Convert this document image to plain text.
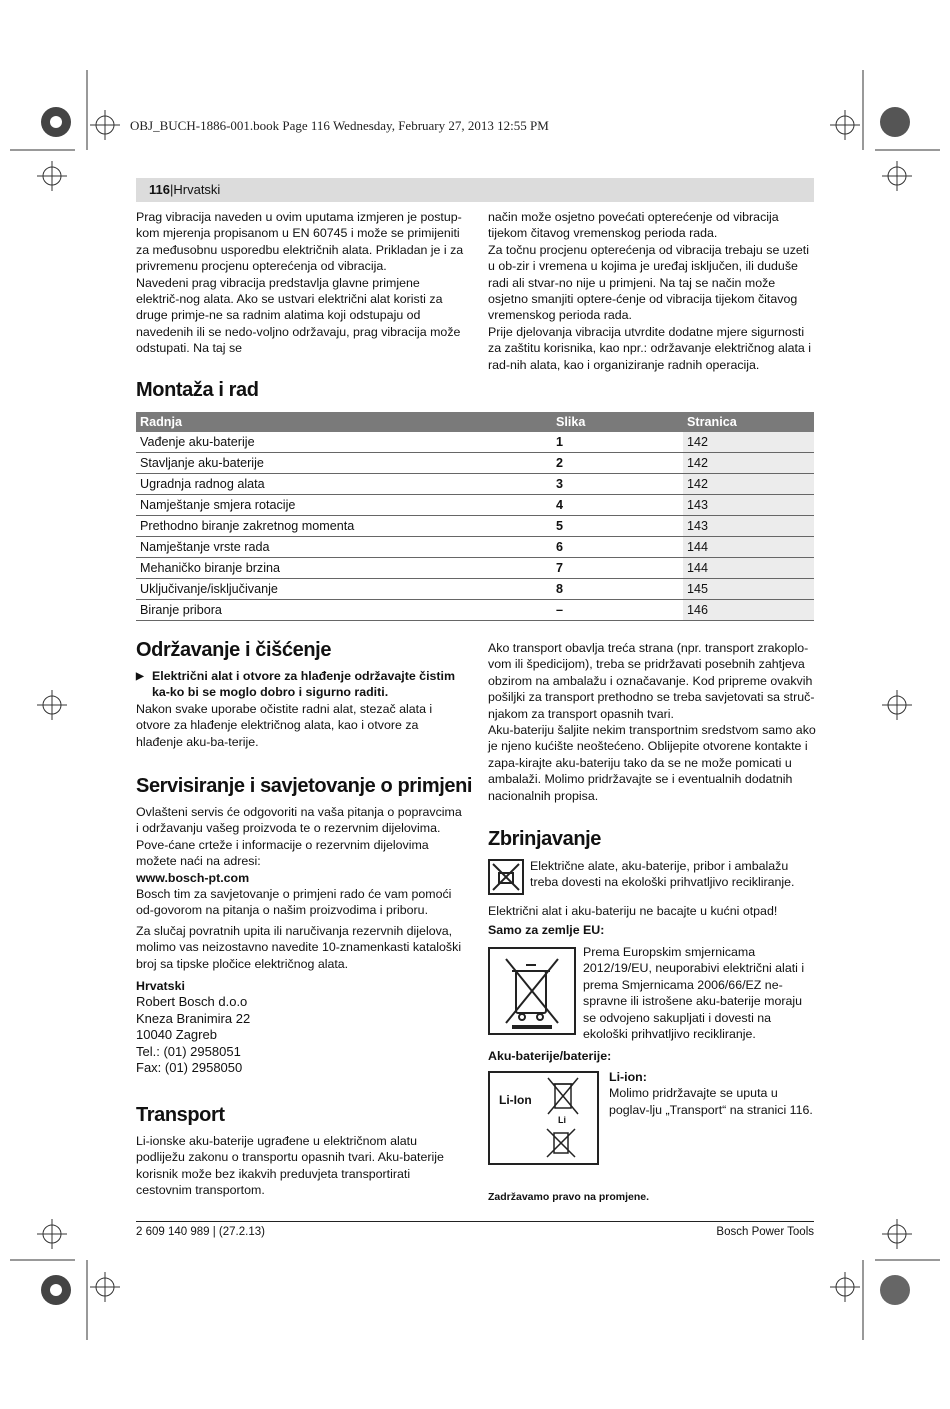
OBJ_BUCH-1886-001.book Page 116 Wednesday, February 27, 2013 12:55 PM
116|Hrvatski

Prag vibracija naveden u ovim uputama izmjeren je postup-kom mjerenja propisanom u EN 60745 i može se primijeniti za međusobnu usporedbu električnih alata. Prikladan je i za privremenu procjenu opterećenja od vibracija.

Navedeni prag vibracija predstavlja glavne primjene električ-nog alata. Ako se ustvari električni alat koristi za druge primje-ne sa radnim alatima koji odstupaju od navedenih ili se nedo-voljno održavaju, prag vibracija može odstupati. Na taj se

način može osjetno povećati opterećenje od vibracija tijekom čitavog vremenskog perioda rada.

Za točnu procjenu opterećenja od vibracija trebaju se uzeti u ob-zir i vremena u kojima je uređaj isključen, ili duduše radi ali stvar-no nije u primjeni. Na taj se način može osjetno smanjiti optere-ćenje od vibracija tijekom čitavog vremenskog perioda rada.

Prije djelovanja vibracija utvrdite dodatne mjere sigurnosti za zaštitu korisnika, kao npr.: održavanje električnog alata i rad-nih alata, kao i organiziranje radnih operacija.

Montaža i rad
Radnja	Slika	Stranica
Vađenje aku-baterije	1	142
Stavljanje aku-baterije	2	142
Ugradnja radnog alata	3	142
Namještanje smjera rotacije	4	143
Prethodno biranje zakretnog momenta	5	143
Namještanje vrste rada	6	144
Mehaničko biranje brzina	7	144
Uključivanje/isključivanje	8	145
Biranje pribora	–	146
Održavanje i čišćenje
▶ Električni alat i otvore za hlađenje održavajte čistim ka-ko bi se moglo dobro i sigurno raditi.

Nakon svake uporabe očistite radni alat, stezač alata i otvore za hlađenje električnog alata, kao i otvore za hlađenje aku-ba-terije.

Servisiranje i savjetovanje o primjeni

Ovlašteni servis će odgovoriti na vaša pitanja o popravcima i održavanju vašeg proizvoda te o rezervnim dijelovima. Pove-ćane crteže i informacije o rezervnim dijelovima možete naći na adresi:

www.bosch-pt.com

Bosch tim za savjetovanje o primjeni rado će vam pomoći od-govorom na pitanja o našim proizvodima i priboru.

Za slučaj povratnih upita ili naručivanja rezervnih dijelova, molimo vas neizostavno navedite 10-znamenkasti kataloški broj sa tipske pločice električnog alata.

Hrvatski

Robert Bosch d.o.o
Kneza Branimira 22
10040 Zagreb
Tel.: (01) 2958051
Fax: (01) 2958050
Transport

Li-ionske aku-baterije ugrađene u električnom alatu podliježu zakonu o transportu opasnih tvari. Aku-baterije korisnik može bez ikakvih preduvjeta transportirati cestovnim transportom.

Ako transport obavlja treća strana (npr. transport zrakoplo-vom ili špedicijom), treba se pridržavati posebnih zahtjeva obzirom na ambalažu i označavanje. Kod pripreme ovakvih pošiljki za transport prethodno se treba savjetovati sa struč-njakom za transport opasnih tvari.

Aku-bateriju šaljite nekim transportnim sredstvom samo ako je njeno kućište neoštećeno. Oblijepite otvorene kontakte i zapa-kirajte aku-bateriju tako da se ne može pomicati u ambalaži. Molimo pridržavajte se i eventualnih dodatnih nacionalnih propisa.

Zbrinjavanje
Električne alate, aku-baterije, pribor i ambalažu treba dovesti na ekološki prihvatljivo recikliranje.

Električni alat i aku-bateriju ne bacajte u kućni otpad!

Samo za zemlje EU:

Prema Europskim smjernicama 2012/19/EU, neuporabivi električni alati i prema Smjernicama 2006/66/EZ ne-spravne ili istrošene aku-baterije moraju se odvojeno sakupljati i dovesti na ekološki prihvatljivo recikliranje.
Aku-baterije/baterije:
Li-Ion
Li

Li-ion:

Molimo pridržavajte se uputa u poglav-lju „Transport“ na stranici 116.

Zadržavamo pravo na promjene.
2 609 140 989 | (27.2.13)	Bosch Power Tools
